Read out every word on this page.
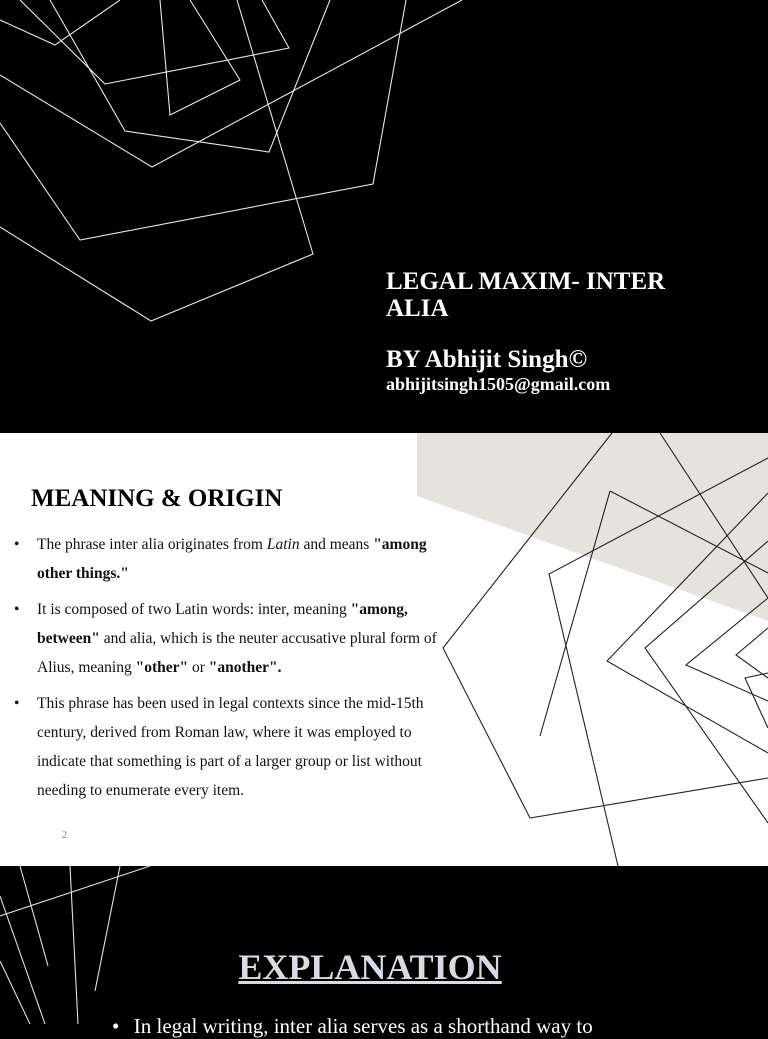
LEGAL MAXIM- INTER ALIA
BY Abhijit Singh©
abhijitsingh1505@gmail.com
MEANING & ORIGIN
• The phrase inter alia originates from Latin and means "among other things."
• It is composed of two Latin words: inter, meaning "among, between" and alia, which is the neuter accusative plural form of Alius, meaning "other" or "another".
• This phrase has been used in legal contexts since the mid-15th century, derived from Roman law, where it was employed to indicate that something is part of a larger group or list without needing to enumerate every item.
2
EXPLANATION
• In legal writing, inter alia serves as a shorthand way to
